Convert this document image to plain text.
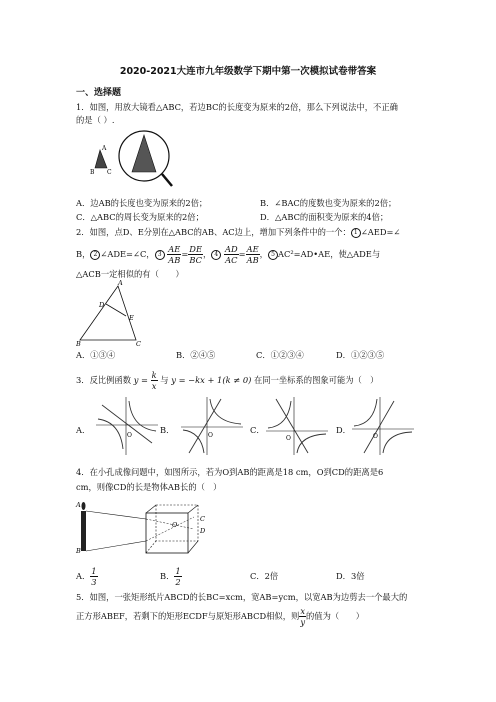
2020-2021大连市九年级数学下期中第一次模拟试卷带答案
一、选择题
1．如图，用放大镜看△ABC，若边BC的长度变为原来的2倍，那么下列说法中，不正确
的是（ ）.
A
B C
A．边AB的长度也变为原来的2倍；	B．∠BAC的度数也变为原来的2倍；
C．△ABC的周长变为原来的2倍；	D．△ABC的面积变为原来的4倍；
2．如图，点D、E分别在△ABC的AB、AC边上，增加下列条件中的一个： 1 ∠AED=∠
B， 2 ∠ADE=∠C， $3 \frac{AE}{AB} = \frac{DE}{BC}$ ， $4 \frac{AD}{AC} = \frac{AE}{AB}$ ， 5 AC²=AD•AE，使△ADE与
△ACB一定相似的有（　　）
A
D
E
B	C
A．①③④	B．②④⑤	C．①②③④	D．①②③⑤
3．反比例函数 $y = \frac{k}{x}$ 与 y = −kx + 1(k ≠ 0) 在同一坐标系的图象可能为（　）
A．	B．	C．	D．
O	O	O	O
4．在小孔成像问题中，如图所示，若为O到AB的距离是18 cm，O到CD的距离是6
cm，则像CD的长是物体AB长的（　）
A
B
O
C
D
A． $\frac{1}{3}$	B． $\frac{1}{2}$	C．2倍	D．3倍
5．如图，一张矩形纸片ABCD的长BC=xcm，宽AB=ycm，以宽AB为边剪去一个最大的
正方形ABEF，若剩下的矩形ECDF与原矩形ABCD相似，则 $\frac{x}{y}$ 的值为（　　）
